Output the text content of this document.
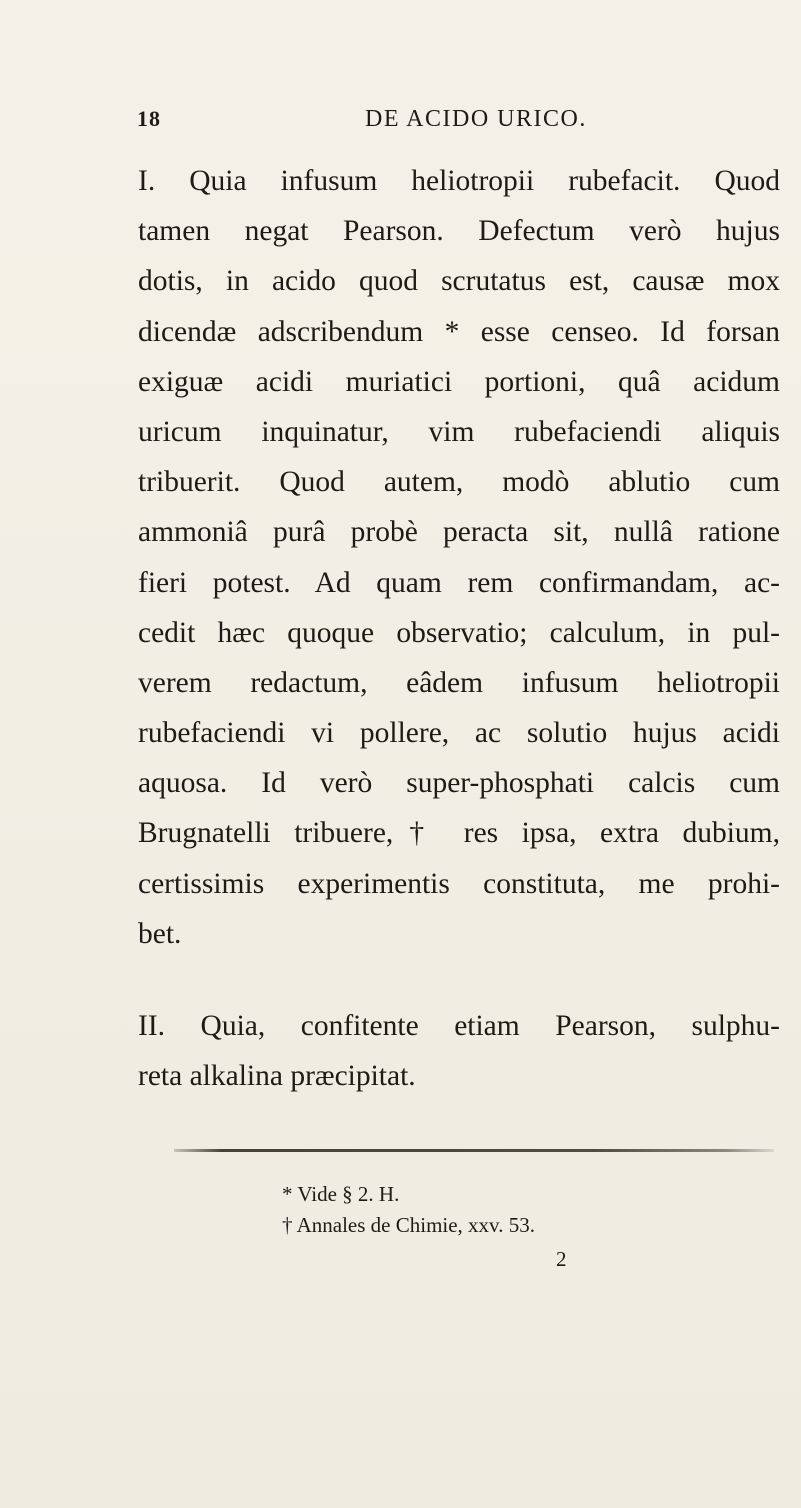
18	DE ACIDO URICO.
I. Quia infusum heliotropii rubefacit. Quod
tamen negat Pearson. Defectum verò hujus
dotis, in acido quod scrutatus est, causæ mox
dicendæ adscribendum * esse censeo. Id forsan
exiguæ acidi muriatici portioni, quâ acidum
uricum inquinatur, vim rubefaciendi aliquis
tribuerit. Quod autem, modò ablutio cum
ammoniâ purâ probè peracta sit, nullâ ratione
fieri potest. Ad quam rem confirmandam, ac-
cedit hæc quoque observatio; calculum, in pul-
verem redactum, eâdem infusum heliotropii
rubefaciendi vi pollere, ac solutio hujus acidi
aquosa. Id verò super-phosphati calcis cum
Brugnatelli tribuere,† res ipsa, extra dubium,
certissimis experimentis constituta, me prohi-
bet.
II. Quia, confitente etiam Pearson, sulphu-
reta alkalina præcipitat.
* Vide § 2. H.
† Annales de Chimie, xxv. 53.
2
